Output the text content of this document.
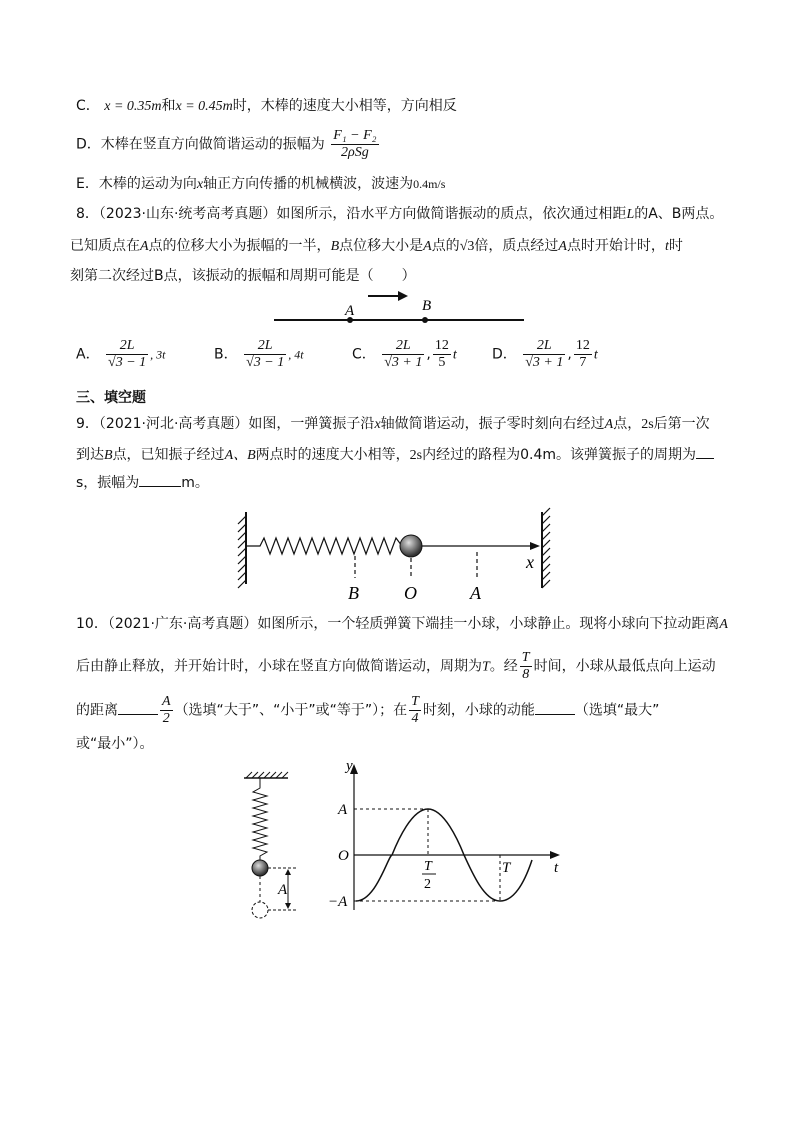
C． x = 0.35m和x = 0.45m时，木棒的速度大小相等，方向相反
D．木棒在竖直方向做简谐运动的振幅为 $\frac{\text{F₁ − F₂}}{\text{2ρSg}}$
E．木棒的运动为向x轴正方向传播的机械横波，波速为0.4m/s
8．（2023·山东·统考高考真题）如图所示，沿水平方向做简谐振动的质点，依次通过相距L的A、B两点。
已知质点在A点的位移大小为振幅的一半，B点位移大小是A点的√3倍，质点经过A点时开始计时，t时
刻第二次经过B点，该振动的振幅和周期可能是（　　）
A	B
A． $\frac{2L}{√3 - 1}$ , 3t	B． $\frac{2L}{√3 - 1}$ , 4t	C． $\frac{2L}{√3 + 1}$ , $\frac{12}{5}$ t	D． $\frac{2L}{√3 + 1}$ , $\frac{12}{7}$ t
三、填空题
9．（2021·河北·高考真题）如图，一弹簧振子沿x轴做简谐运动，振子零时刻向右经过A点，2s后第一次
到达B点，已知振子经过A、B两点时的速度大小相等，2s内经过的路程为0.4m。该弹簧振子的周期为
s，振幅为	m。
B	O	A
x
10．（2021·广东·高考真题）如图所示，一个轻质弹簧下端挂一小球，小球静止。现将小球向下拉动距离A
后由静止释放，并开始计时，小球在竖直方向做简谐运动，周期为T。经 $\frac{T}{8}$ 时间，小球从最低点向上运动
的距离	$\frac{A}{2}$ （选填“大于”、“小于”或“等于”）；在 $\frac{T}{4}$ 时刻，小球的动能	（选填“最大”
或“最小”）。
A
y
A
O
−A
t
T
T
2
